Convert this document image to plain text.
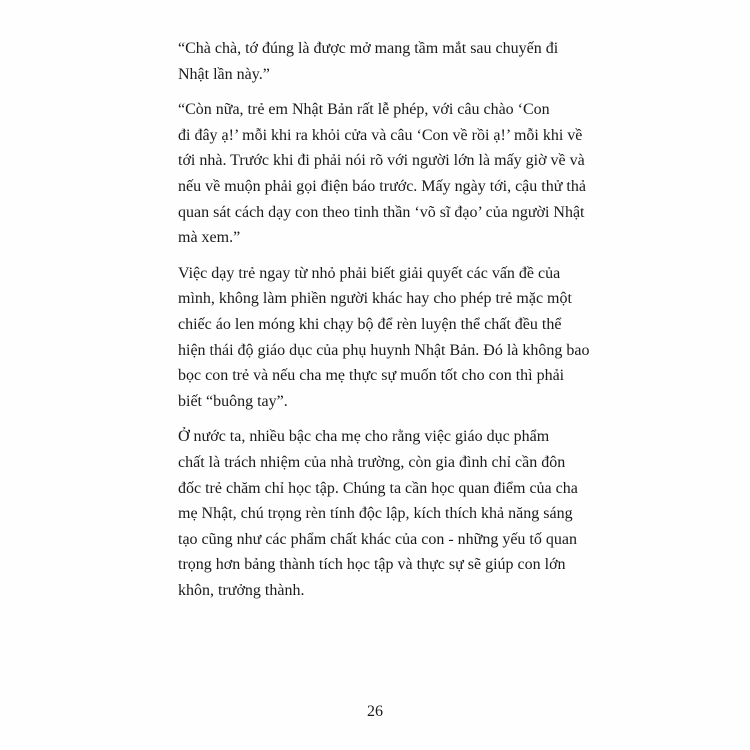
“Chà chà, tớ đúng là được mở mang tầm mắt sau chuyến đi
Nhật lần này.”

“Còn nữa, trẻ em Nhật Bản rất lễ phép, với câu chào ‘Con
đi đây ạ!’ mỗi khi ra khỏi cửa và câu ‘Con về rồi ạ!’ mỗi khi về
tới nhà. Trước khi đi phải nói rõ với người lớn là mấy giờ về và
nếu về muộn phải gọi điện báo trước. Mấy ngày tới, cậu thử thả
quan sát cách dạy con theo tinh thần ‘võ sĩ đạo’ của người Nhật
mà xem.”

Việc dạy trẻ ngay từ nhỏ phải biết giải quyết các vấn đề của
mình, không làm phiền người khác hay cho phép trẻ mặc một
chiếc áo len móng khi chạy bộ để rèn luyện thể chất đều thể
hiện thái độ giáo dục của phụ huynh Nhật Bản. Đó là không bao
bọc con trẻ và nếu cha mẹ thực sự muốn tốt cho con thì phải
biết “buông tay”.

Ở nước ta, nhiều bậc cha mẹ cho rằng việc giáo dục phẩm
chất là trách nhiệm của nhà trường, còn gia đình chỉ cần đôn
đốc trẻ chăm chỉ học tập. Chúng ta cần học quan điểm của cha
mẹ Nhật, chú trọng rèn tính độc lập, kích thích khả năng sáng
tạo cũng như các phẩm chất khác của con - những yếu tố quan
trọng hơn bảng thành tích học tập và thực sự sẽ giúp con lớn
khôn, trưởng thành.

26
